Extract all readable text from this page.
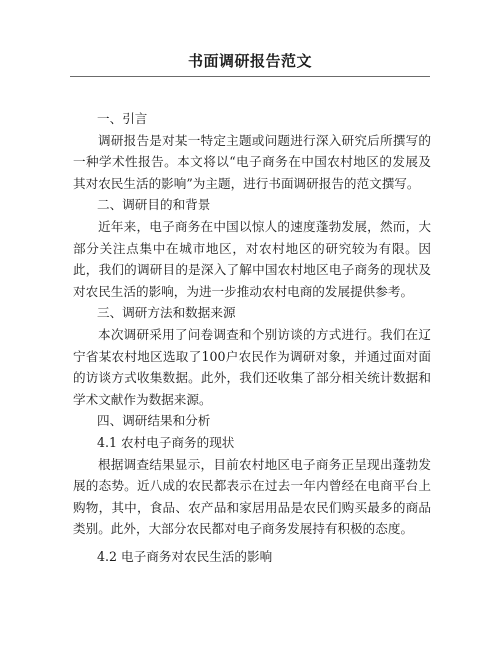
书面调研报告范文

一、引言

调研报告是对某一特定主题或问题进行深入研究后所撰写的一种学术性报告。本文将以“电子商务在中国农村地区的发展及其对农民生活的影响”为主题，进行书面调研报告的范文撰写。

二、调研目的和背景

近年来，电子商务在中国以惊人的速度蓬勃发展，然而，大部分关注点集中在城市地区，对农村地区的研究较为有限。因此，我们的调研目的是深入了解中国农村地区电子商务的现状及对农民生活的影响，为进一步推动农村电商的发展提供参考。

三、调研方法和数据来源

本次调研采用了问卷调查和个别访谈的方式进行。我们在辽宁省某农村地区选取了100户农民作为调研对象，并通过面对面的访谈方式收集数据。此外，我们还收集了部分相关统计数据和学术文献作为数据来源。

四、调研结果和分析

4.1 农村电子商务的现状

根据调查结果显示，目前农村地区电子商务正呈现出蓬勃发展的态势。近八成的农民都表示在过去一年内曾经在电商平台上购物，其中，食品、农产品和家居用品是农民们购买最多的商品类别。此外，大部分农民都对电子商务发展持有积极的态度。

4.2 电子商务对农民生活的影响
